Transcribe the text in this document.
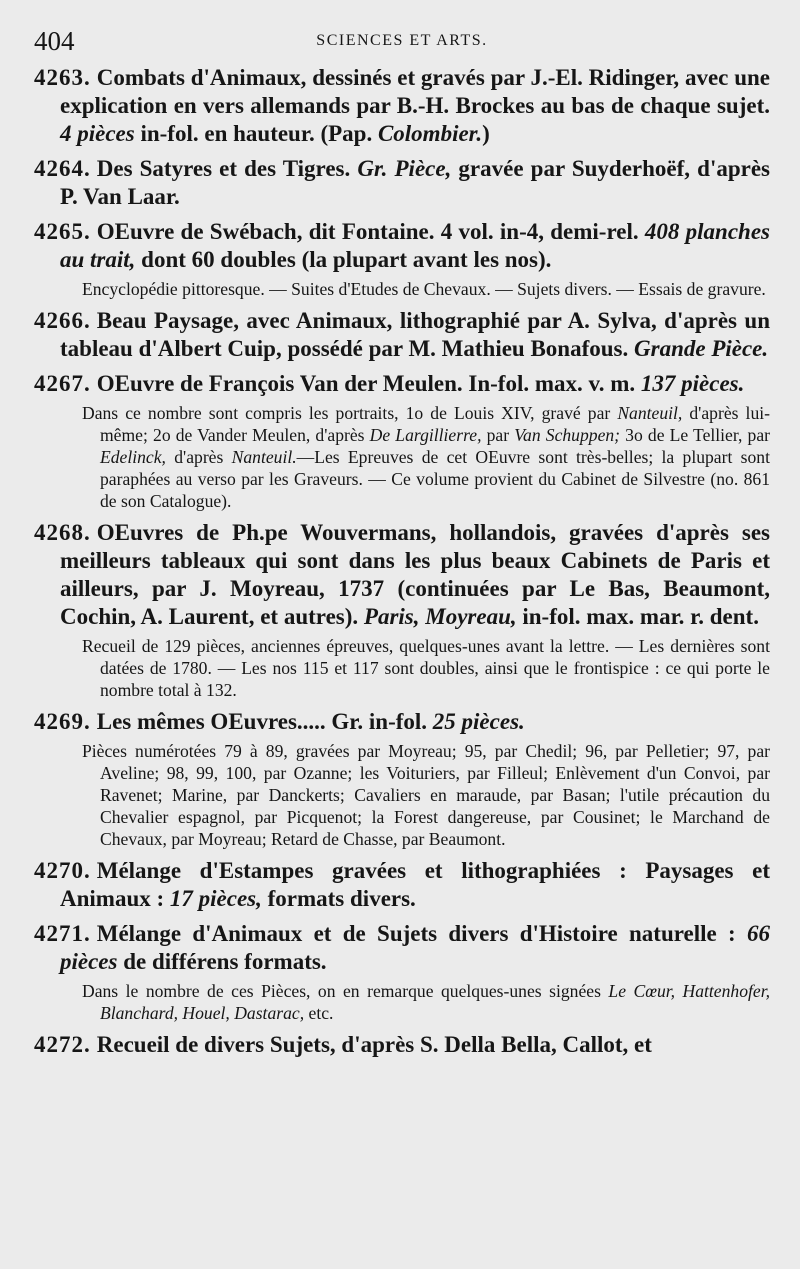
404	SCIENCES ET ARTS.
4263. Combats d'Animaux, dessinés et gravés par J.-El. Ridinger, avec une explication en vers allemands par B.-H. Brockes au bas de chaque sujet. 4 pièces in-fol. en hauteur. (Pap. Colombier.)
4264. Des Satyres et des Tigres. Gr. Pièce, gravée par Suyderhoëf, d'après P. Van Laar.
4265. OEuvre de Swébach, dit Fontaine. 4 vol. in-4, demi-rel. 408 planches au trait, dont 60 doubles (la plupart avant les nos).
Encyclopédie pittoresque. — Suites d'Etudes de Chevaux. — Sujets divers. — Essais de gravure.
4266. Beau Paysage, avec Animaux, lithographié par A. Sylva, d'après un tableau d'Albert Cuip, possédé par M. Mathieu Bonafous. Grande Pièce.
4267. OEuvre de François Van der Meulen. In-fol. max. v. m. 137 pièces.
Dans ce nombre sont compris les portraits, 1o de Louis XIV, gravé par Nanteuil, d'après lui-même; 2o de Vander Meulen, d'après De Largillierre, par Van Schuppen; 3o de Le Tellier, par Edelinck, d'après Nanteuil.—Les Epreuves de cet OEuvre sont très-belles; la plupart sont paraphées au verso par les Graveurs. — Ce volume provient du Cabinet de Silvestre (no. 861 de son Catalogue).
4268. OEuvres de Ph.pe Wouvermans, hollandois, gravées d'après ses meilleurs tableaux qui sont dans les plus beaux Cabinets de Paris et ailleurs, par J. Moyreau, 1737 (continuées par Le Bas, Beaumont, Cochin, A. Laurent, et autres). Paris, Moyreau, in-fol. max. mar. r. dent.
Recueil de 129 pièces, anciennes épreuves, quelques-unes avant la lettre. — Les dernières sont datées de 1780. — Les nos 115 et 117 sont doubles, ainsi que le frontispice : ce qui porte le nombre total à 132.
4269. Les mêmes OEuvres..... Gr. in-fol. 25 pièces.
Pièces numérotées 79 à 89, gravées par Moyreau; 95, par Chedil; 96, par Pelletier; 97, par Aveline; 98, 99, 100, par Ozanne; les Voituriers, par Filleul; Enlèvement d'un Convoi, par Ravenet; Marine, par Danckerts; Cavaliers en maraude, par Basan; l'utile précaution du Chevalier espagnol, par Picquenot; la Forest dangereuse, par Cousinet; le Marchand de Chevaux, par Moyreau; Retard de Chasse, par Beaumont.
4270. Mélange d'Estampes gravées et lithographiées : Paysages et Animaux : 17 pièces, formats divers.
4271. Mélange d'Animaux et de Sujets divers d'Histoire naturelle : 66 pièces de différens formats.
Dans le nombre de ces Pièces, on en remarque quelques-unes signées Le Cœur, Hattenhofer, Blanchard, Houel, Dastarac, etc.
4272. Recueil de divers Sujets, d'après S. Della Bella, Callot, et
